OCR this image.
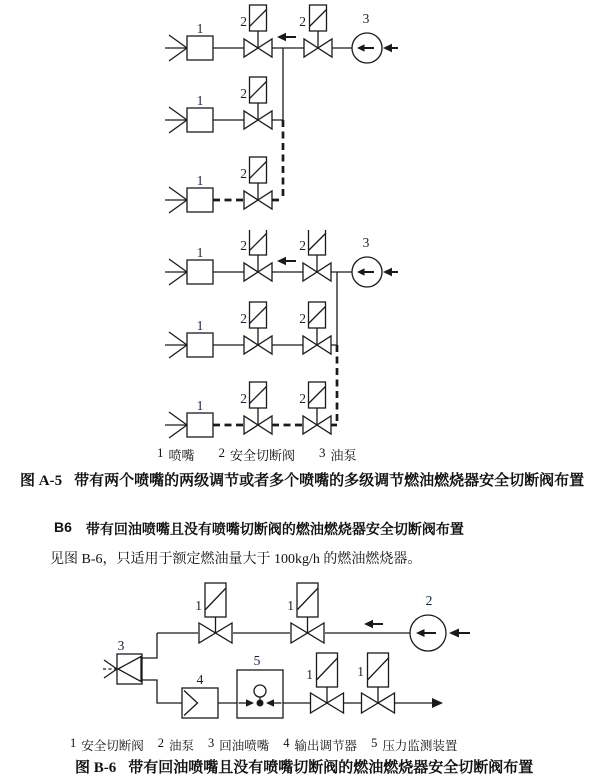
1
1
1
2	2
2
2
3
1
1
1
2	2
2	2
2	2
3
1 喷嘴 2 安全切断阀 3 油泵
图 A-5 带有两个喷嘴的两级调节或者多个喷嘴的多级调节燃油燃烧器安全切断阀布置
B6 带有回油喷嘴且没有喷嘴切断阀的燃油燃烧器安全切断阀布置
见图 B-6，只适用于额定燃油量大于 100kg/h 的燃油燃烧器。
1	1	2
3
4
5
1	1
1 安全切断阀 2 油泵 3 回油喷嘴 4 输出调节器 5 压力监测装置
图 B-6 带有回油喷嘴且没有喷嘴切断阀的燃油燃烧器安全切断阀布置
